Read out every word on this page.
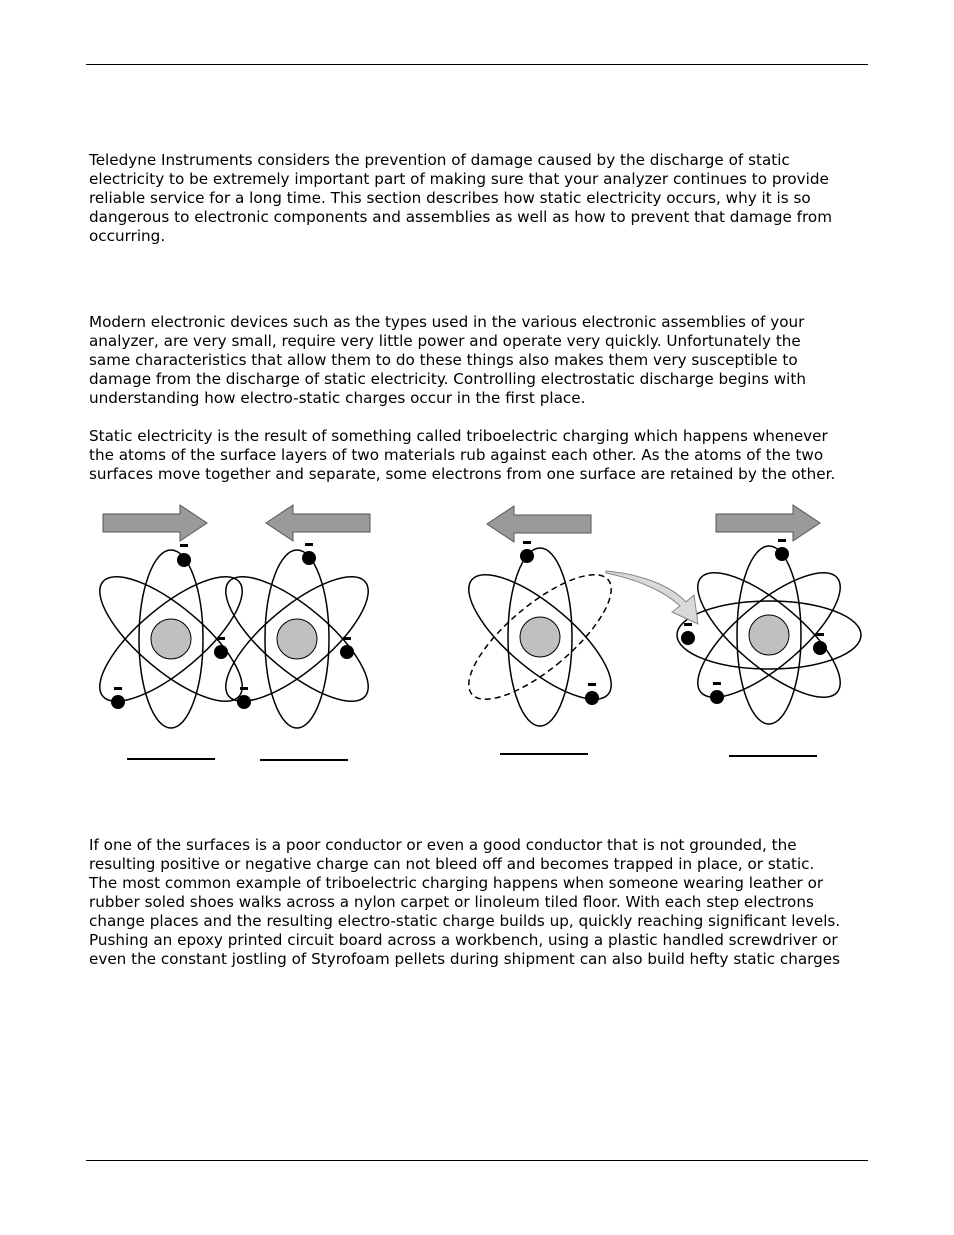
Teledyne Instruments considers the prevention of damage caused by the discharge of static
electricity to be extremely important part of making sure that your analyzer continues to provide
reliable service for a long time. This section describes how static electricity occurs, why it is so
dangerous to electronic components and assemblies as well as how to prevent that damage from
occurring.

Modern electronic devices such as the types used in the various electronic assemblies of your
analyzer, are very small, require very little power and operate very quickly. Unfortunately the
same characteristics that allow them to do these things also makes them very susceptible to
damage from the discharge of static electricity. Controlling electrostatic discharge begins with
understanding how electro-static charges occur in the first place.

Static electricity is the result of something called triboelectric charging which happens whenever
the atoms of the surface layers of two materials rub against each other. As the atoms of the two
surfaces move together and separate, some electrons from one surface are retained by the other.

If one of the surfaces is a poor conductor or even a good conductor that is not grounded, the
resulting positive or negative charge can not bleed off and becomes trapped in place, or static.
The most common example of triboelectric charging happens when someone wearing leather or
rubber soled shoes walks across a nylon carpet or linoleum tiled floor. With each step electrons
change places and the resulting electro-static charge builds up, quickly reaching significant levels.
Pushing an epoxy printed circuit board across a workbench, using a plastic handled screwdriver or
even the constant jostling of Styrofoam pellets during shipment can also build hefty static charges
